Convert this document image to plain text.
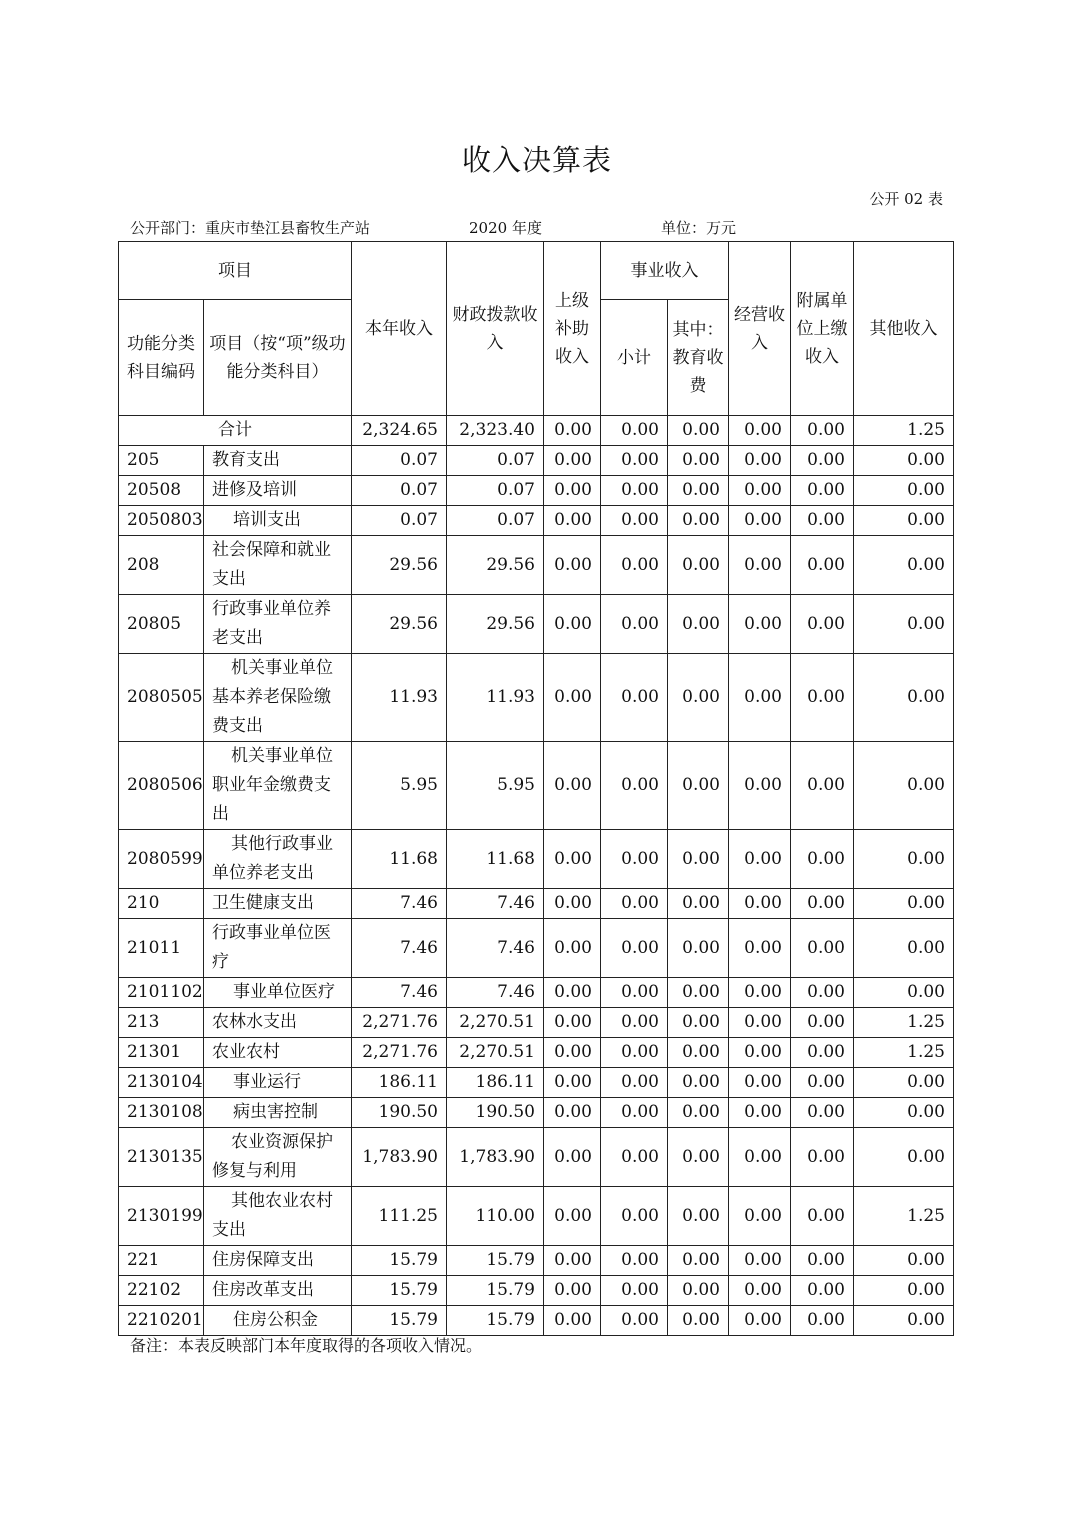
收入决算表
公开 02 表
公开部门：重庆市垫江县畜牧生产站	2020 年度	单位：万元
项目		本年收入	财政拨款收入	上级补助收入	事业收入		经营收入	附属单位上缴收入	其他收入
功能分类科目编码	项目（按“项”级功能分类科目）								
					小计	其中：教育收费			
合计		2,324.65	2,323.40	0.00	0.00	0.00	0.00	0.00	1.25
205	教育支出	0.07	0.07	0.00	0.00	0.00	0.00	0.00	0.00
20508	进修及培训	0.07	0.07	0.00	0.00	0.00	0.00	0.00	0.00
2050803	培训支出	0.07	0.07	0.00	0.00	0.00	0.00	0.00	0.00
208	社会保障和就业支出	29.56	29.56	0.00	0.00	0.00	0.00	0.00	0.00
20805	行政事业单位养老支出	29.56	29.56	0.00	0.00	0.00	0.00	0.00	0.00
2080505	机关事业单位基本养老保险缴费支出	11.93	11.93	0.00	0.00	0.00	0.00	0.00	0.00
2080506	机关事业单位职业年金缴费支出	5.95	5.95	0.00	0.00	0.00	0.00	0.00	0.00
2080599	其他行政事业单位养老支出	11.68	11.68	0.00	0.00	0.00	0.00	0.00	0.00
210	卫生健康支出	7.46	7.46	0.00	0.00	0.00	0.00	0.00	0.00
21011	行政事业单位医疗	7.46	7.46	0.00	0.00	0.00	0.00	0.00	0.00
2101102	事业单位医疗	7.46	7.46	0.00	0.00	0.00	0.00	0.00	0.00
213	农林水支出	2,271.76	2,270.51	0.00	0.00	0.00	0.00	0.00	1.25
21301	农业农村	2,271.76	2,270.51	0.00	0.00	0.00	0.00	0.00	1.25
2130104	事业运行	186.11	186.11	0.00	0.00	0.00	0.00	0.00	0.00
2130108	病虫害控制	190.50	190.50	0.00	0.00	0.00	0.00	0.00	0.00
2130135	农业资源保护修复与利用	1,783.90	1,783.90	0.00	0.00	0.00	0.00	0.00	0.00
2130199	其他农业农村支出	111.25	110.00	0.00	0.00	0.00	0.00	0.00	1.25
221	住房保障支出	15.79	15.79	0.00	0.00	0.00	0.00	0.00	0.00
22102	住房改革支出	15.79	15.79	0.00	0.00	0.00	0.00	0.00	0.00
2210201	住房公积金	15.79	15.79	0.00	0.00	0.00	0.00	0.00	0.00
备注：本表反映部门本年度取得的各项收入情况。
